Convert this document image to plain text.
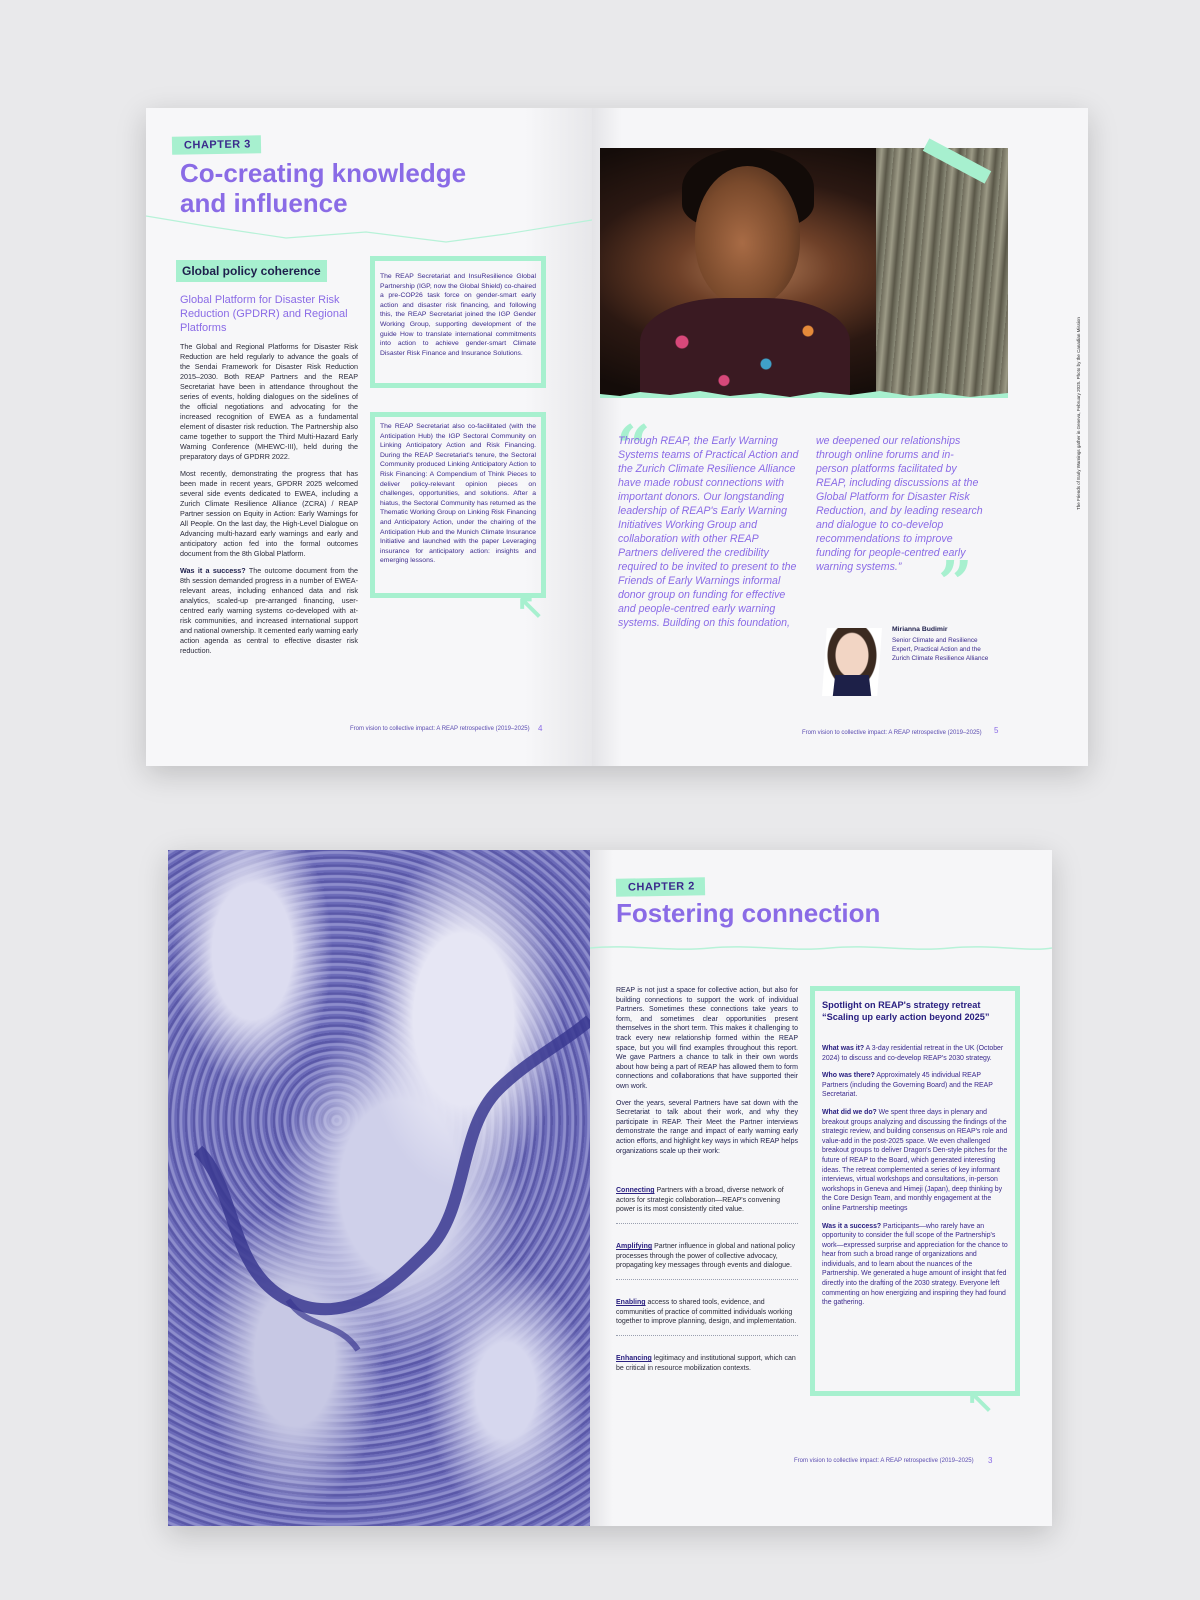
CHAPTER 3
Co-creating knowledge
and influence
Global policy coherence
Global Platform for Disaster Risk Reduction (GPDRR) and Regional Platforms

The Global and Regional Platforms for Disaster Risk Reduction are held regularly to advance the goals of the Sendai Framework for Disaster Risk Reduction 2015–2030. Both REAP Partners and the REAP Secretariat have been in attendance throughout the series of events, holding dialogues on the sidelines of the official negotiations and advocating for the increased recognition of EWEA as a fundamental element of disaster risk reduction. The Partnership also came together to support the Third Multi-Hazard Early Warning Conference (MHEWC-III), held during the preparatory days of GPDRR 2022.

Most recently, demonstrating the progress that has been made in recent years, GPDRR 2025 welcomed several side events dedicated to EWEA, including a Zurich Climate Resilience Alliance (ZCRA) / REAP Partner session on Equity in Action: Early Warnings for All People. On the last day, the High-Level Dialogue on Advancing multi-hazard early warnings and early and anticipatory action fed into the formal outcomes document from the 8th Global Platform.

Was it a success? The outcome document from the 8th session demanded progress in a number of EWEA-relevant areas, including enhanced data and risk analytics, scaled-up pre-arranged financing, user-centred early warning systems co-developed with at-risk communities, and increased international support and national ownership. It cemented early warning early action agenda as central to effective disaster risk reduction.

The REAP Secretariat and InsuResilience Global Partnership (IGP, now the Global Shield) co-chaired a pre-COP26 task force on gender-smart early action and disaster risk financing, and following this, the REAP Secretariat joined the IGP Gender Working Group, supporting development of the guide How to translate international commitments into action to achieve gender-smart Climate Disaster Risk Finance and Insurance Solutions.
The REAP Secretariat also co-facilitated (with the Anticipation Hub) the IGP Sectoral Community on Linking Anticipatory Action and Risk Financing. During the REAP Secretariat's tenure, the Sectoral Community produced Linking Anticipatory Action to Risk Financing: A Compendium of Think Pieces to deliver policy-relevant opinion pieces on challenges, opportunities, and solutions. After a hiatus, the Sectoral Community has returned as the Thematic Working Group on Linking Risk Financing and Anticipatory Action, under the chairing of the Anticipation Hub and the Munich Climate Insurance Initiative and launched with the paper Leveraging insurance for anticipatory action: insights and emerging lessons.
↖
From vision to collective impact: A REAP retrospective (2019–2025) 4
The Friends of Early Warnings gather in Geneva, February 2025. Photo by the Canadian Mission
“
Through REAP, the Early Warning Systems teams of Practical Action and the Zurich Climate Resilience Alliance have made robust connections with important donors. Our longstanding leadership of REAP's Early Warning Initiatives Working Group and collaboration with other REAP Partners delivered the credibility required to be invited to present to the Friends of Early Warnings informal donor group on funding for effective and people-centred early warning systems. Building on this foundation,
we deepened our relationships through online forums and in-person platforms facilitated by REAP, including discussions at the Global Platform for Disaster Risk Reduction, and by leading research and dialogue to co-develop recommendations to improve funding for people-centred early warning systems.” ”
Mirianna Budimir
Senior Climate and Resilience Expert, Practical Action and the Zurich Climate Resilience Alliance
From vision to collective impact: A REAP retrospective (2019–2025) 5
CHAPTER 2
Fostering connection

REAP is not just a space for collective action, but also for building connections to support the work of individual Partners. Sometimes these connections take years to form, and sometimes clear opportunities present themselves in the short term. This makes it challenging to track every new relationship formed within the REAP space, but you will find examples throughout this report. We gave Partners a chance to talk in their own words about how being a part of REAP has allowed them to form connections and collaborations that have supported their own work.

Over the years, several Partners have sat down with the Secretariat to talk about their work, and why they participate in REAP. Their Meet the Partner interviews demonstrate the range and impact of early warning early action efforts, and highlight key ways in which REAP helps organizations scale up their work:

Connecting Partners with a broad, diverse network of actors for strategic collaboration—REAP's convening power is its most consistently cited value.
Amplifying Partner influence in global and national policy processes through the power of collective advocacy, propagating key messages through events and dialogue.
Enabling access to shared tools, evidence, and communities of practice of committed individuals working together to improve planning, design, and implementation.
Enhancing legitimacy and institutional support, which can be critical in resource mobilization contexts.
Spotlight on REAP's strategy retreat “Scaling up early action beyond 2025”

What was it? A 3-day residential retreat in the UK (October 2024) to discuss and co-develop REAP's 2030 strategy.

Who was there? Approximately 45 individual REAP Partners (including the Governing Board) and the REAP Secretariat.

What did we do? We spent three days in plenary and breakout groups analyzing and discussing the findings of the strategic review, and building consensus on REAP's role and value-add in the post-2025 space. We even challenged breakout groups to deliver Dragon's Den-style pitches for the future of REAP to the Board, which generated interesting ideas. The retreat complemented a series of key informant interviews, virtual workshops and consultations, in-person workshops in Geneva and Himeji (Japan), deep thinking by the Core Design Team, and monthly engagement at the online Partnership meetings

Was it a success? Participants—who rarely have an opportunity to consider the full scope of the Partnership's work—expressed surprise and appreciation for the chance to hear from such a broad range of organizations and individuals, and to learn about the nuances of the Partnership. We generated a huge amount of insight that fed directly into the drafting of the 2030 strategy. Everyone left commenting on how energizing and inspiring they had found the gathering.

↖
From vision to collective impact: A REAP retrospective (2019–2025) 3
